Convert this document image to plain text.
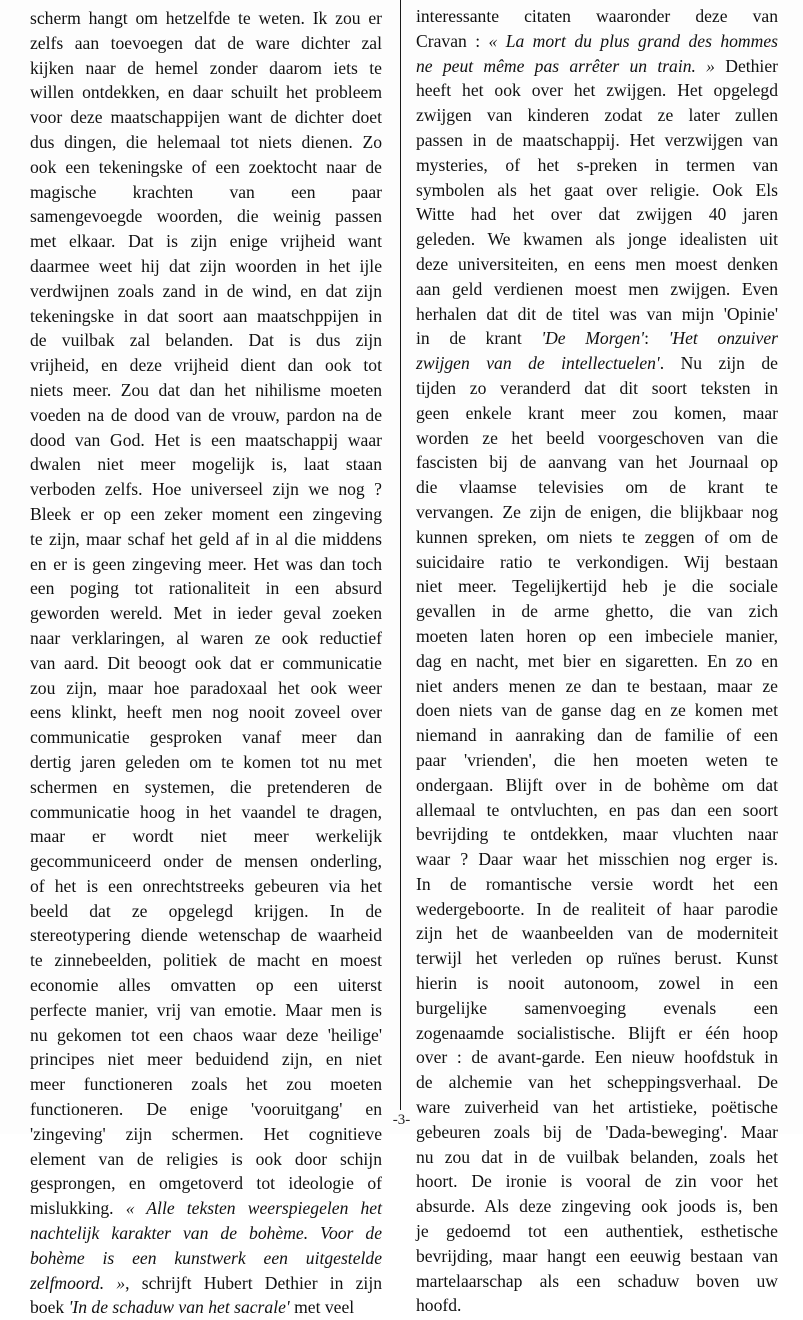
scherm hangt om hetzelfde te weten. Ik zou er
zelfs aan toevoegen dat de ware dichter zal
kijken naar de hemel zonder daarom iets te
willen ontdekken, en daar schuilt het probleem
voor deze maatschappijen want de dichter doet
dus dingen, die helemaal tot niets dienen. Zo
ook een tekeningske of een zoektocht naar de
magische krachten van een paar
samengevoegde woorden, die weinig passen
met elkaar. Dat is zijn enige vrijheid want
daarmee weet hij dat zijn woorden in het ijle
verdwijnen zoals zand in de wind, en dat zijn
tekeningske in dat soort aan maatschppijen in
de vuilbak zal belanden. Dat is dus zijn
vrijheid, en deze vrijheid dient dan ook tot
niets meer. Zou dat dan het nihilisme moeten
voeden na de dood van de vrouw, pardon na de
dood van God. Het is een maatschappij waar
dwalen niet meer mogelijk is, laat staan
verboden zelfs. Hoe universeel zijn we nog ?
Bleek er op een zeker moment een zingeving
te zijn, maar schaf het geld af in al die middens
en er is geen zingeving meer. Het was dan toch
een poging tot rationaliteit in een absurd
geworden wereld. Met in ieder geval zoeken
naar verklaringen, al waren ze ook reductief
van aard. Dit beoogt ook dat er communicatie
zou zijn, maar hoe paradoxaal het ook weer
eens klinkt, heeft men nog nooit zoveel over
communicatie gesproken vanaf meer dan
dertig jaren geleden om te komen tot nu met
schermen en systemen, die pretenderen de
communicatie hoog in het vaandel te dragen,
maar er wordt niet meer werkelijk
gecommuniceerd onder de mensen onderling,
of het is een onrechtstreeks gebeuren via het
beeld dat ze opgelegd krijgen. In de
stereotypering diende wetenschap de waarheid
te zinnebeelden, politiek de macht en moest
economie alles omvatten op een uiterst
perfecte manier, vrij van emotie. Maar men is
nu gekomen tot een chaos waar deze 'heilige'
principes niet meer beduidend zijn, en niet
meer functioneren zoals het zou moeten
functioneren. De enige 'vooruitgang' en
'zingeving' zijn schermen. Het cognitieve
element van de religies is ook door schijn
gesprongen, en omgetoverd tot ideologie of
mislukking. « Alle teksten weerspiegelen het
nachtelijk karakter van de bohème. Voor de
bohème is een kunstwerk een uitgestelde
zelfmoord. », schrijft Hubert Dethier in zijn
boek 'In de schaduw van het sacrale' met veel
interessante citaten waaronder deze van
Cravan : « La mort du plus grand des hommes
ne peut même pas arrêter un train. » Dethier
heeft het ook over het zwijgen. Het opgelegd
zwijgen van kinderen zodat ze later zullen
passen in de maatschappij. Het verzwijgen van
mysteries, of het s-preken in termen van
symbolen als het gaat over religie. Ook Els
Witte had het over dat zwijgen 40 jaren
geleden. We kwamen als jonge idealisten uit
deze universiteiten, en eens men moest denken
aan geld verdienen moest men zwijgen. Even
herhalen dat dit de titel was van mijn 'Opinie'
in de krant 'De Morgen': 'Het onzuiver
zwijgen van de intellectuelen'. Nu zijn de
tijden zo veranderd dat dit soort teksten in
geen enkele krant meer zou komen, maar
worden ze het beeld voorgeschoven van die
fascisten bij de aanvang van het Journaal op
die vlaamse televisies om de krant te
vervangen. Ze zijn de enigen, die blijkbaar nog
kunnen spreken, om niets te zeggen of om de
suicidaire ratio te verkondigen. Wij bestaan
niet meer. Tegelijkertijd heb je die sociale
gevallen in de arme ghetto, die van zich
moeten laten horen op een imbeciele manier,
dag en nacht, met bier en sigaretten. En zo en
niet anders menen ze dan te bestaan, maar ze
doen niets van de ganse dag en ze komen met
niemand in aanraking dan de familie of een
paar 'vrienden', die hen moeten weten te
ondergaan. Blijft over in de bohème om dat
allemaal te ontvluchten, en pas dan een soort
bevrijding te ontdekken, maar vluchten naar
waar ? Daar waar het misschien nog erger is.
In de romantische versie wordt het een
wedergeboorte. In de realiteit of haar parodie
zijn het de waanbeelden van de moderniteit
terwijl het verleden op ruïnes berust. Kunst
hierin is nooit autonoom, zowel in een
burgelijke samenvoeging evenals een
zogenaamde socialistische. Blijft er één hoop
over : de avant-garde. Een nieuw hoofdstuk in
de alchemie van het scheppingsverhaal. De
ware zuiverheid van het artistieke, poëtische
gebeuren zoals bij de 'Dada-beweging'. Maar
nu zou dat in de vuilbak belanden, zoals het
hoort. De ironie is vooral de zin voor het
absurde. Als deze zingeving ook joods is, ben
je gedoemd tot een authentiek, esthetische
bevrijding, maar hangt een eeuwig bestaan van
martelaarschap als een schaduw boven uw
hoofd.
-3-
